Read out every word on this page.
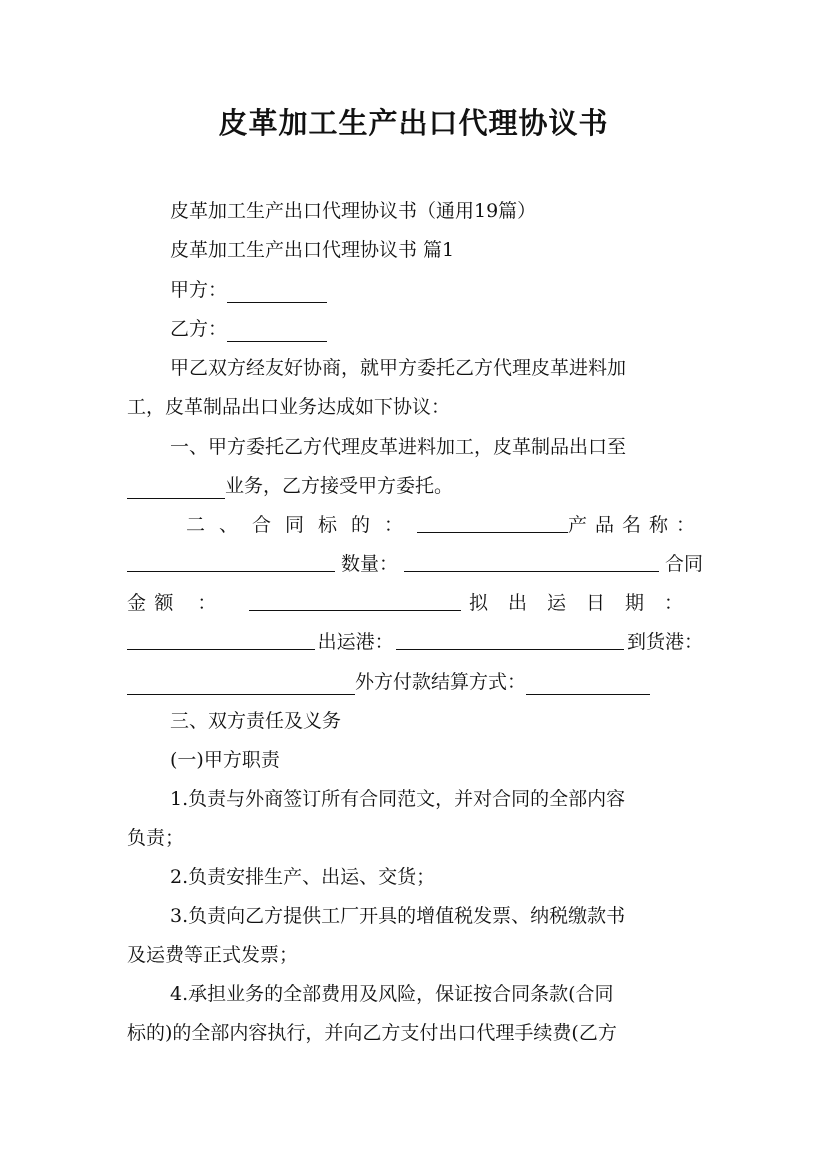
皮革加工生产出口代理协议书
皮革加工生产出口代理协议书（通用19篇）
皮革加工生产出口代理协议书 篇1
甲方：
乙方：
甲乙双方经友好协商，就甲方委托乙方代理皮革进料加
工，皮革制品出口业务达成如下协议：
一、甲方委托乙方代理皮革进料加工，皮革制品出口至
业务，乙方接受甲方委托。
二、合同标的：	产品名称：
数量：	合同
金 额：	拟出运日期：
出运港：	到货港：
外方付款结算方式：
三、双方责任及义务
(一)甲方职责
1.负责与外商签订所有合同范文，并对合同的全部内容
负责；
2.负责安排生产、出运、交货；
3.负责向乙方提供工厂开具的增值税发票、纳税缴款书
及运费等正式发票；
4.承担业务的全部费用及风险，保证按合同条款(合同
标的)的全部内容执行，并向乙方支付出口代理手续费(乙方
